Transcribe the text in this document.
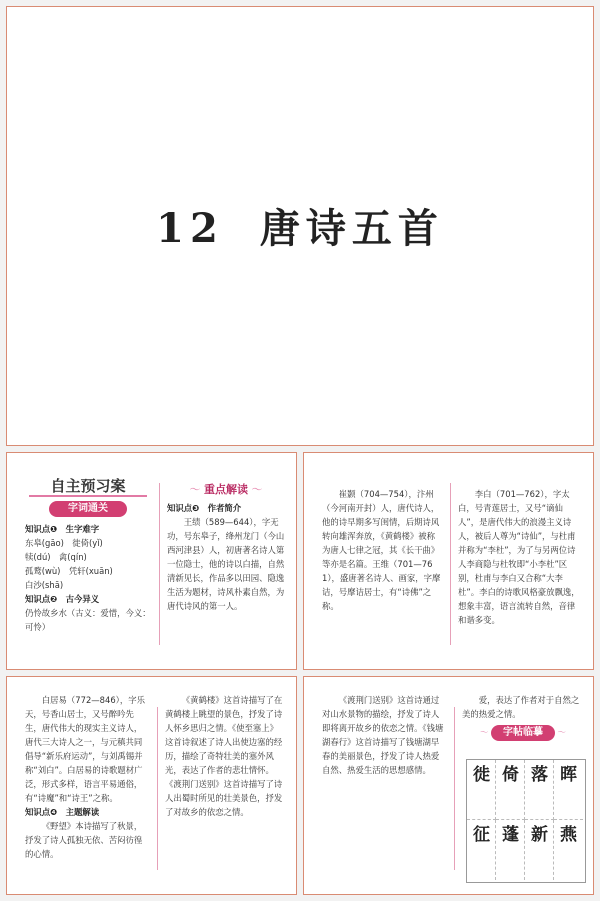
12 唐诗五首
自主预习案
字词通关

知识点❶　生字难字

东皋(gāo)　徙倚(yǐ)

犊(dú)　禽(qín)

孤鹜(wù)　凭轩(xuān)

白沙(shā)

知识点❷　古今异义

仍怜故乡水（古义：爱惜，今义：可怜）

〜 重点解读 〜

知识点❸　作者简介

王绩（589—644），字无功，号东皋子，绛州龙门（今山西河津县）人，初唐著名诗人第一位隐士，他的诗以白描，自然清新见长，作品多以田园、隐逸生活为题材，诗风朴素自然，为唐代诗风的第一人。

崔颢（704—754），汴州（今河南开封）人，唐代诗人，他的诗早期多写闺情，后期诗风转向雄浑奔放，《黄鹤楼》被称为唐人七律之冠，其《长干曲》等亦是名篇。王维（701—761），盛唐著名诗人、画家，字摩诘，号摩诘居士，有“诗佛”之称。

李白（701—762），字太白，号青莲居士，又号“谪仙人”，是唐代伟大的浪漫主义诗人，被后人尊为“诗仙”，与杜甫并称为“李杜”，为了与另两位诗人李商隐与杜牧即“小李杜”区别，杜甫与李白又合称“大李杜”。李白的诗歌风格豪放飘逸，想象丰富，语言流转自然，音律和谐多变。

白居易（772—846），字乐天，号香山居士，又号醉吟先生，唐代伟大的现实主义诗人，唐代三大诗人之一，与元稹共同倡导“新乐府运动”，与刘禹锡并称“刘白”。白居易的诗歌题材广泛，形式多样，语言平易通俗，有“诗魔”和“诗王”之称。

知识点❹　主题解读

《野望》本诗描写了秋景，抒发了诗人孤独无依、苦闷彷徨的心情。

《黄鹤楼》这首诗描写了在黄鹤楼上眺望的景色，抒发了诗人怀乡思归之情。《使至塞上》这首诗叙述了诗人出使边塞的经历，描绘了奇特壮美的塞外风光，表达了作者的悲壮情怀。《渡荆门送别》这首诗描写了诗人出蜀时所见的壮美景色，抒发了对故乡的依恋之情。

《渡荆门送别》这首诗通过对山水景物的描绘，抒发了诗人即将离开故乡的依恋之情。《钱塘湖春行》这首诗描写了钱塘湖早春的美丽景色，抒发了诗人热爱自然、热爱生活的思想感情。

爱，表达了作者对于自然之美的热爱之情。

〜 字帖临摹 〜
徙 倚 落 晖
征 蓬 新 燕
